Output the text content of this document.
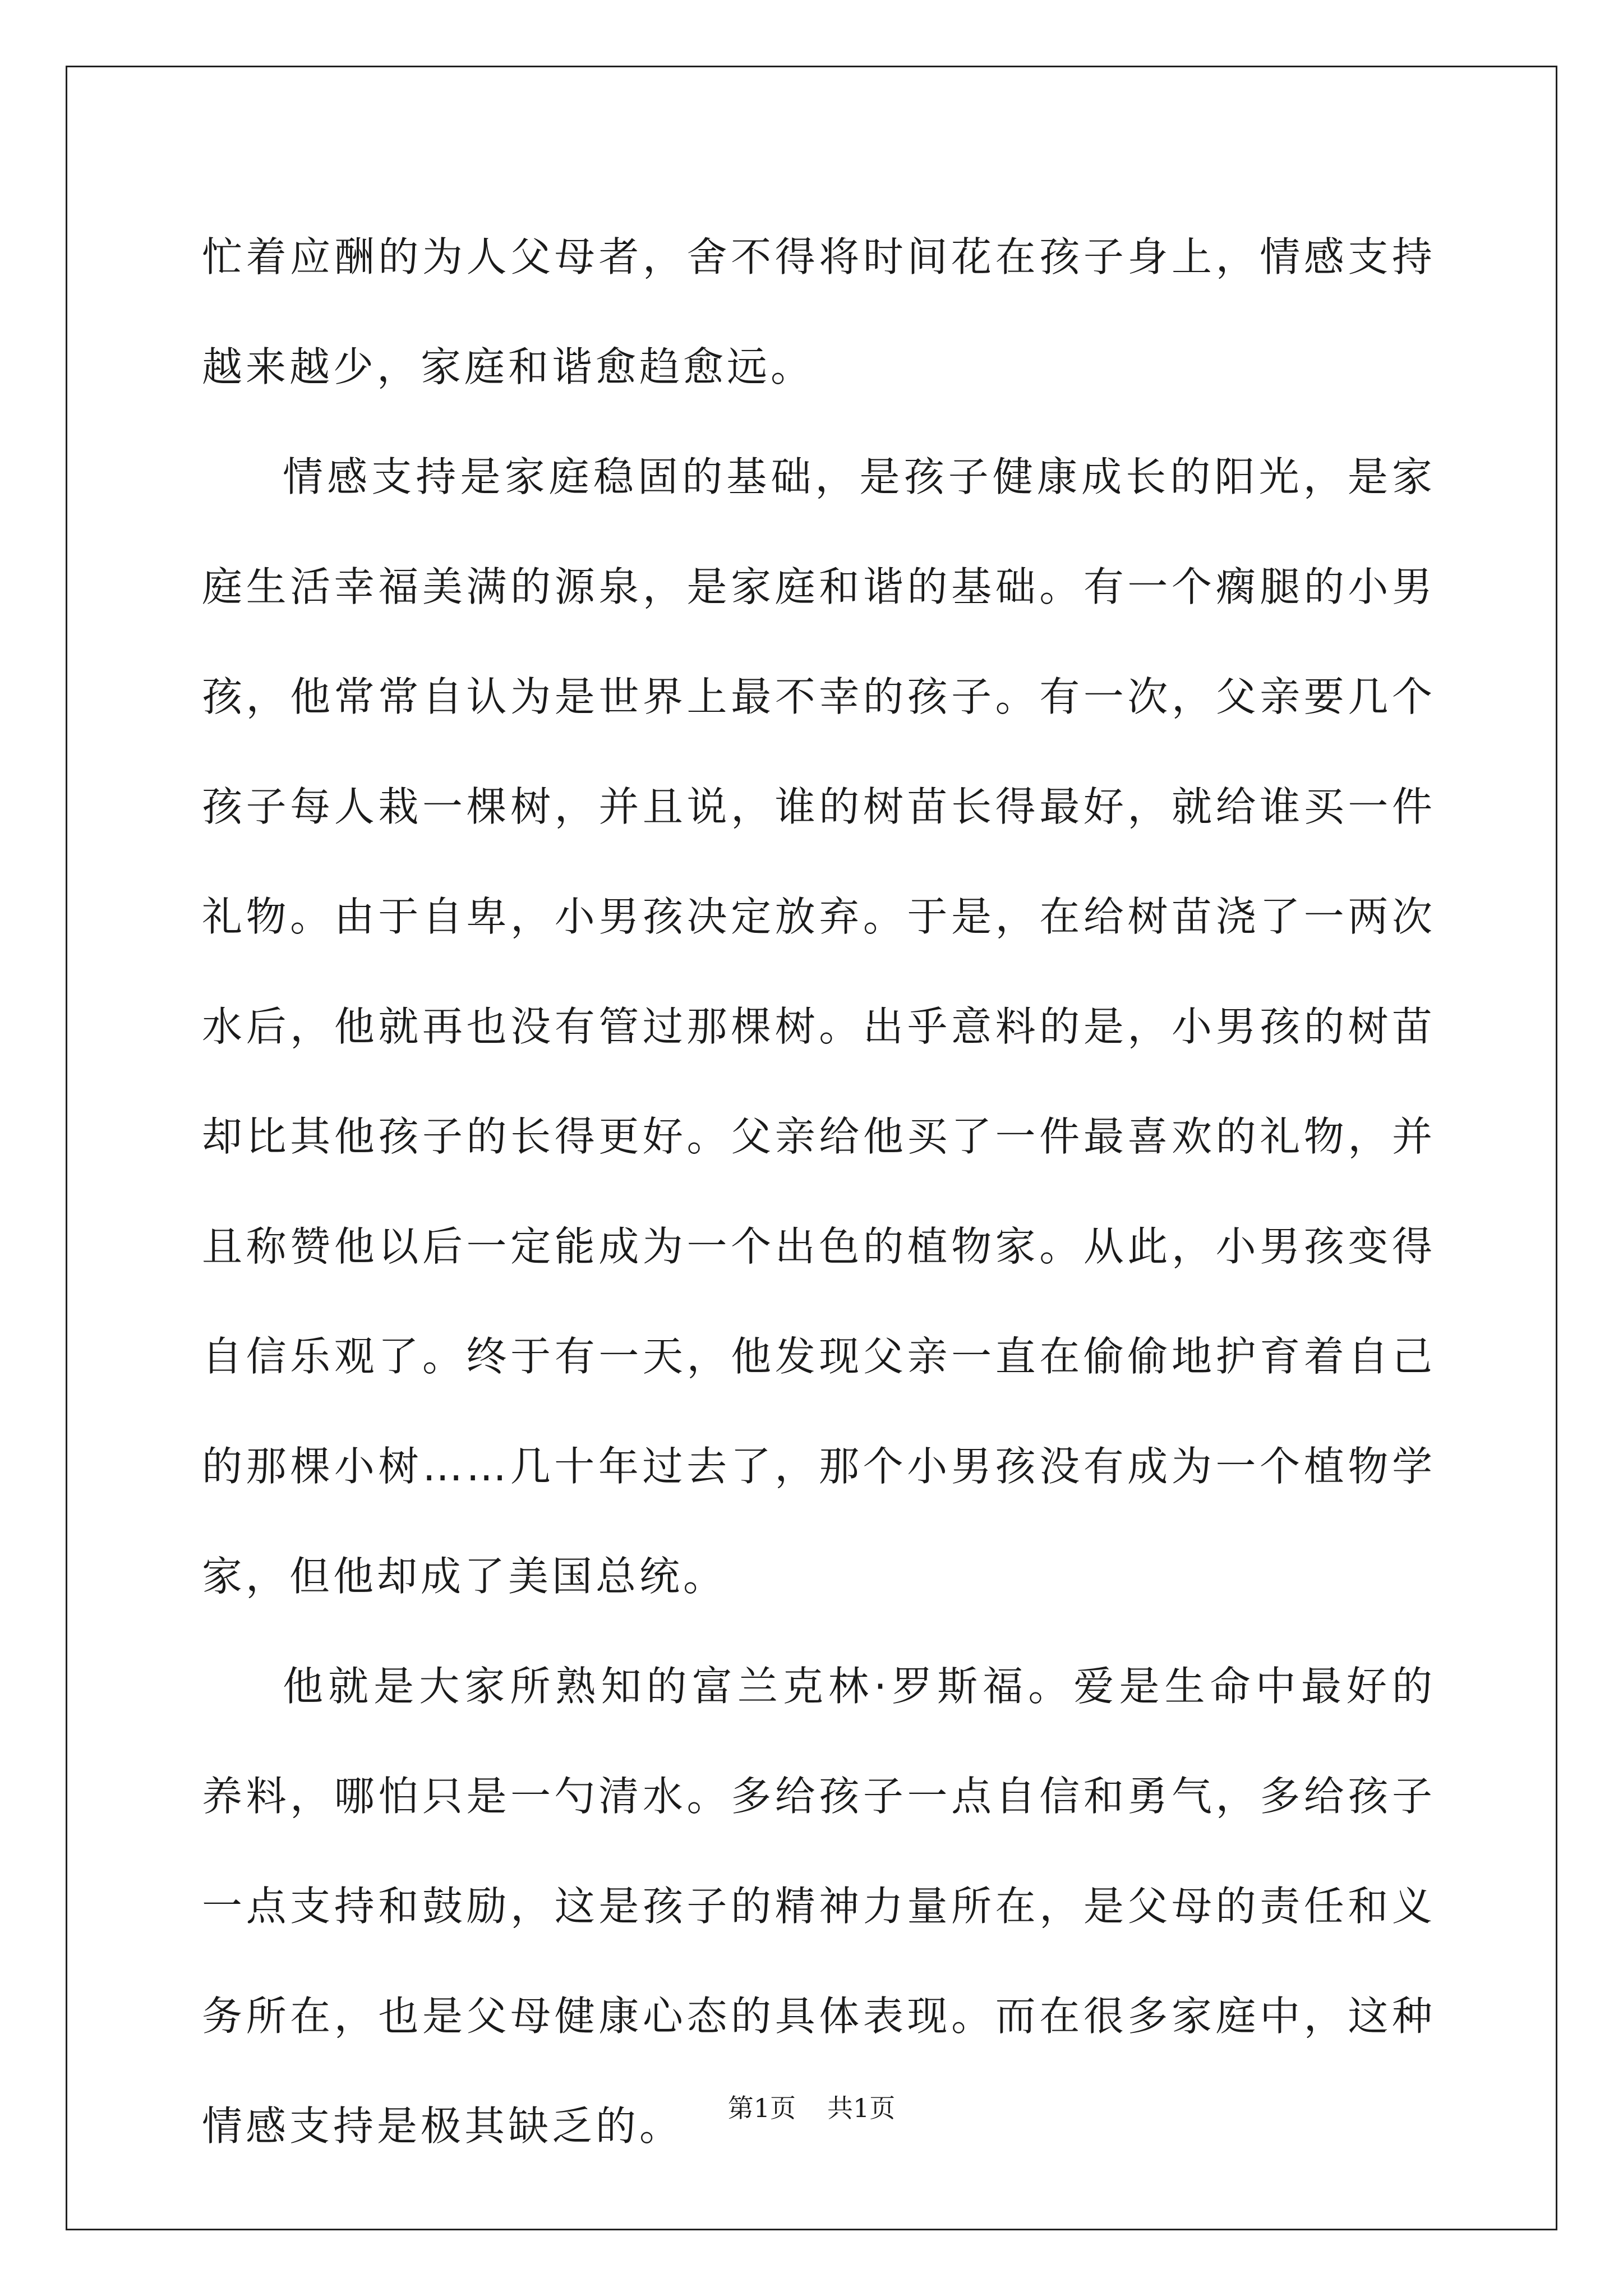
忙着应酬的为人父母者，舍不得将时间花在孩子身上，情感支持越来越少，家庭和谐愈趋愈远。

情感支持是家庭稳固的基础，是孩子健康成长的阳光，是家庭生活幸福美满的源泉，是家庭和谐的基础。有一个瘸腿的小男孩，他常常自认为是世界上最不幸的孩子。有一次，父亲要几个孩子每人栽一棵树，并且说，谁的树苗长得最好，就给谁买一件礼物。由于自卑，小男孩决定放弃。于是，在给树苗浇了一两次水后，他就再也没有管过那棵树。出乎意料的是，小男孩的树苗却比其他孩子的长得更好。父亲给他买了一件最喜欢的礼物，并且称赞他以后一定能成为一个出色的植物家。从此，小男孩变得自信乐观了。终于有一天，他发现父亲一直在偷偷地护育着自己的那棵小树……几十年过去了，那个小男孩没有成为一个植物学家，但他却成了美国总统。

他就是大家所熟知的富兰克林·罗斯福。爱是生命中最好的养料，哪怕只是一勺清水。多给孩子一点自信和勇气，多给孩子一点支持和鼓励，这是孩子的精神力量所在，是父母的责任和义务所在，也是父母健康心态的具体表现。而在很多家庭中，这种情感支持是极其缺乏的。	第1页 共1页
